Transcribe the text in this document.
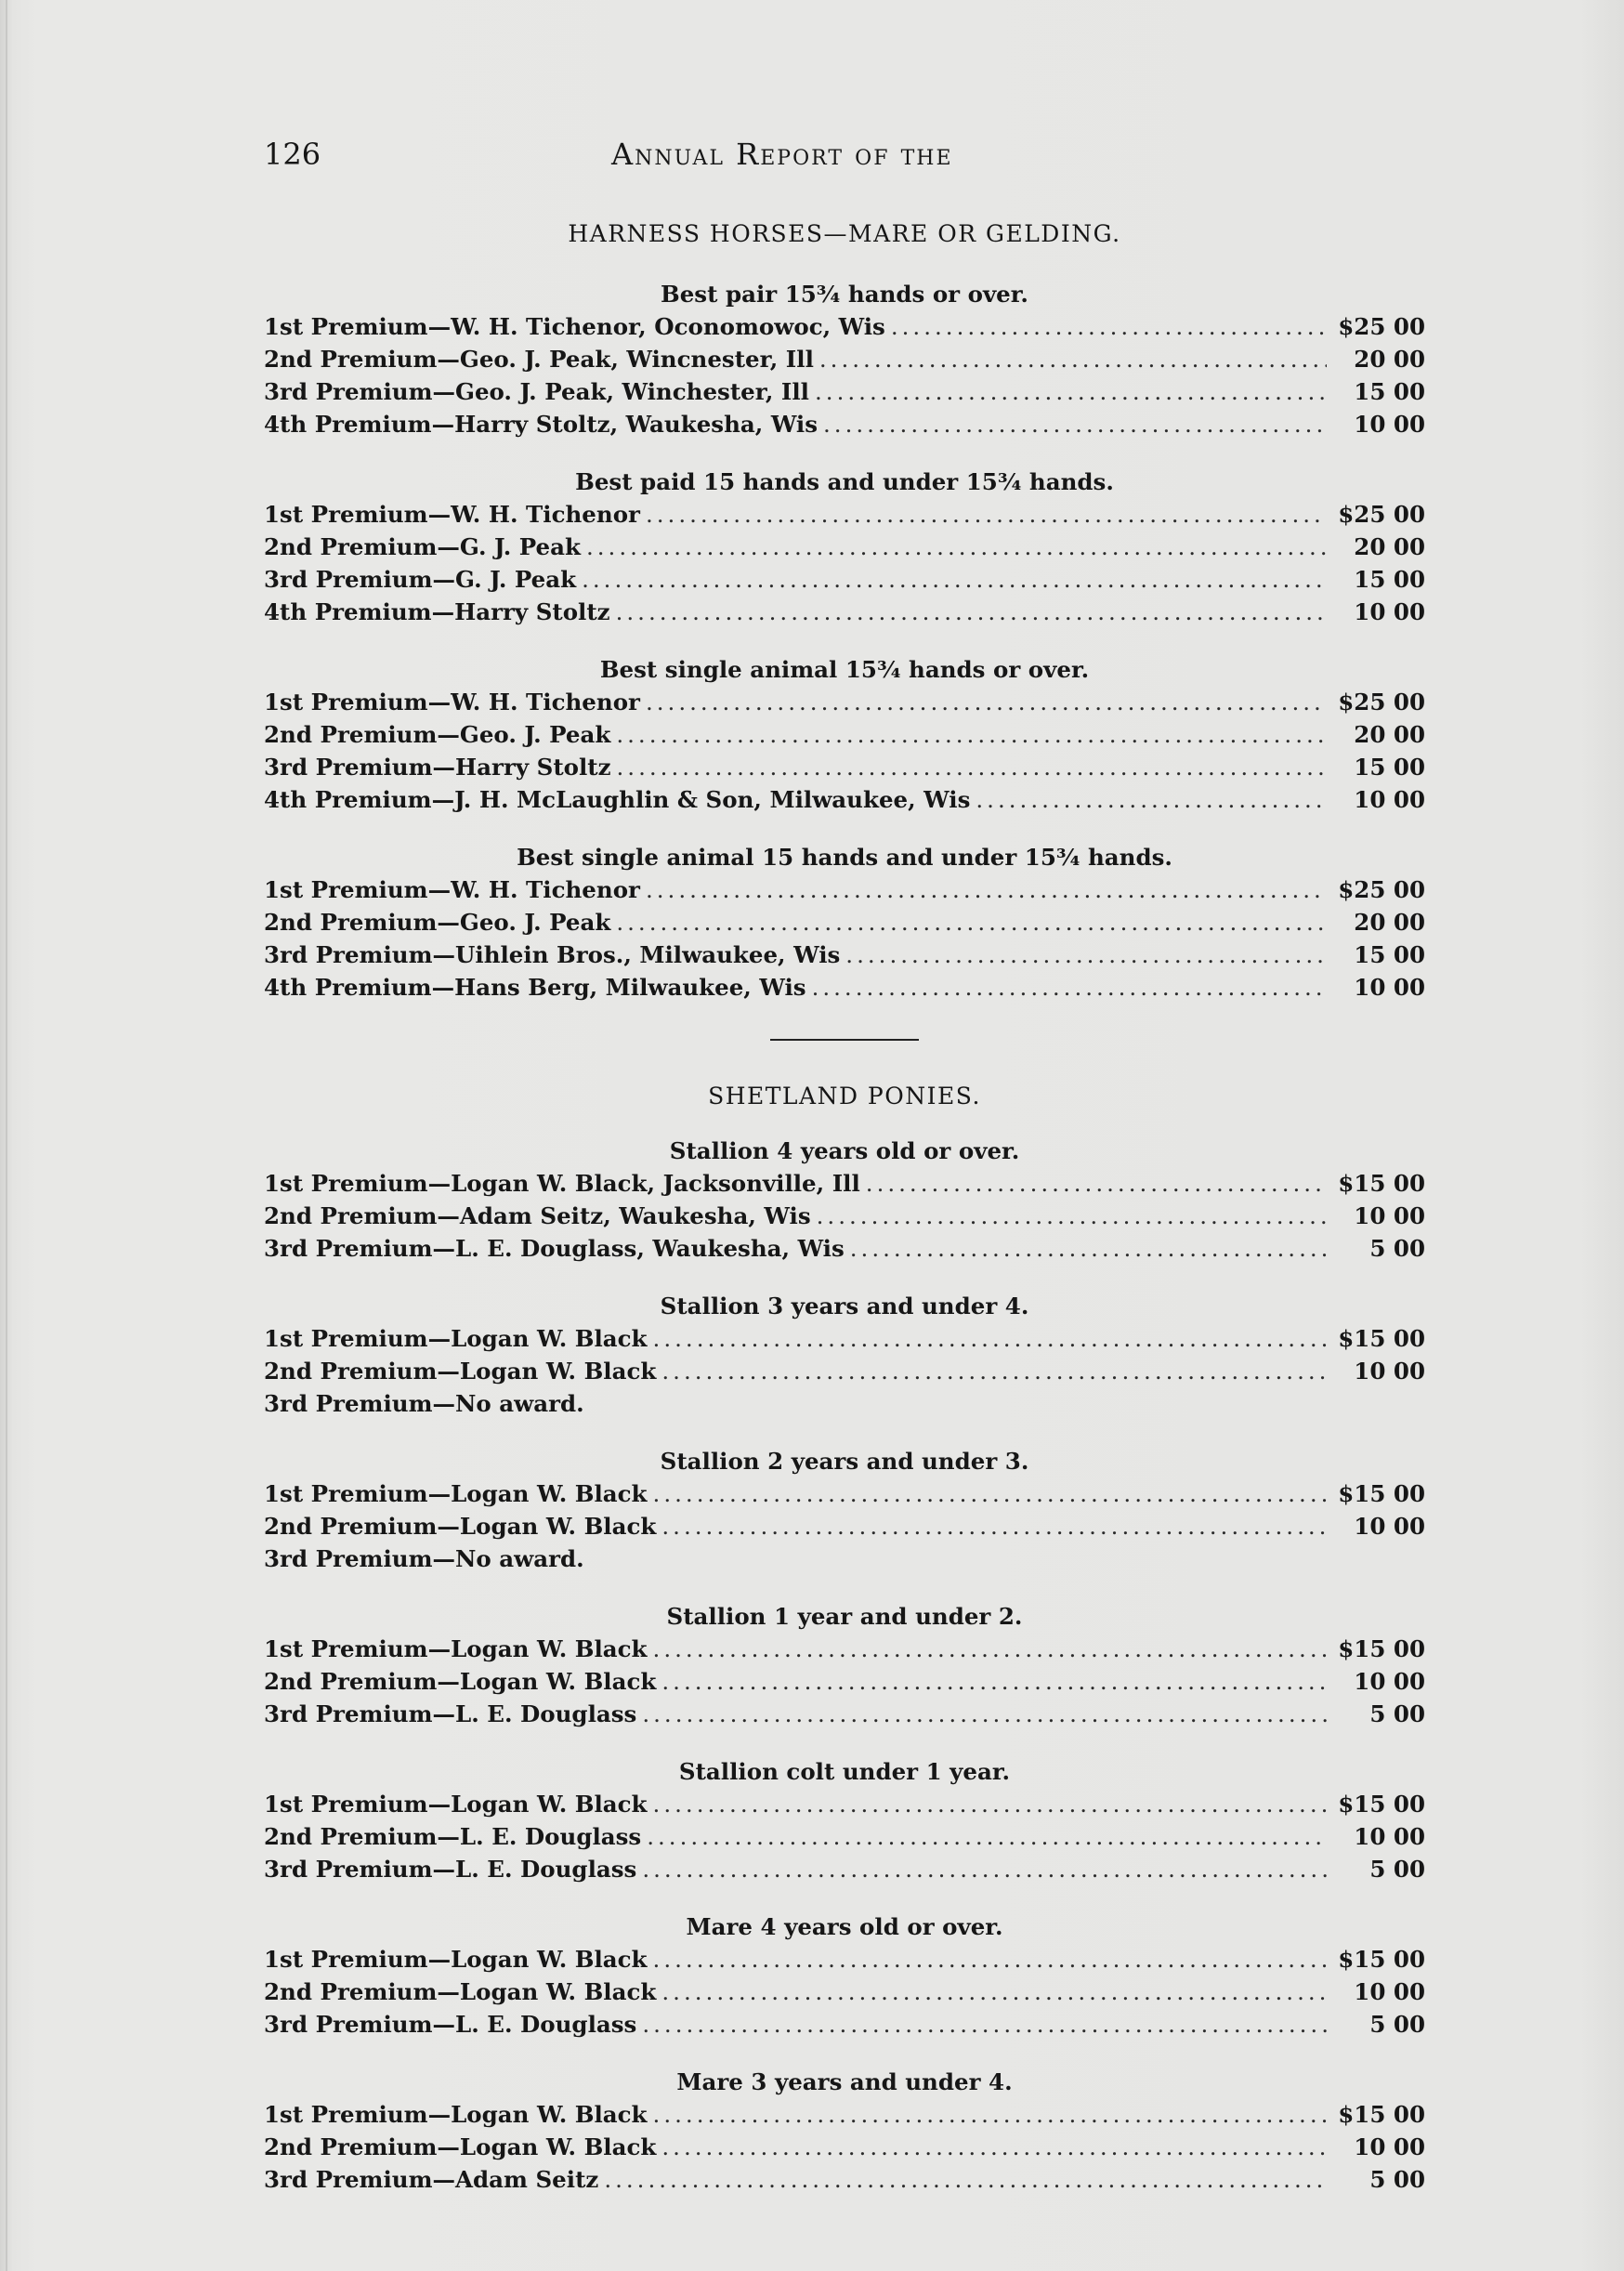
126	Annual Report of the
HARNESS HORSES—MARE OR GELDING.
Best pair 15¾ hands or over.
1st Premium — W. H. Tichenor, Oconomowoc, Wis .....	$25 00
2nd Premium — Geo. J. Peak, Wincnester, Ill .....	20 00
3rd Premium — Geo. J. Peak, Winchester, Ill .....	15 00
4th Premium — Harry Stoltz, Waukesha, Wis .....	10 00
Best paid 15 hands and under 15¾ hands.
1st Premium — W. H. Tichenor .....	$25 00
2nd Premium — G. J. Peak .....	20 00
3rd Premium — G. J. Peak .....	15 00
4th Premium — Harry Stoltz .....	10 00
Best single animal 15¾ hands or over.
1st Premium — W. H. Tichenor .....	$25 00
2nd Premium — Geo. J. Peak .....	20 00
3rd Premium — Harry Stoltz .....	15 00
4th Premium — J. H. McLaughlin & Son, Milwaukee, Wis .....	10 00
Best single animal 15 hands and under 15¾ hands.
1st Premium — W. H. Tichenor .....	$25 00
2nd Premium — Geo. J. Peak .....	20 00
3rd Premium — Uihlein Bros., Milwaukee, Wis .....	15 00
4th Premium — Hans Berg, Milwaukee, Wis .....	10 00
SHETLAND PONIES.
Stallion 4 years old or over.
1st Premium — Logan W. Black, Jacksonville, Ill .....	$15 00
2nd Premium — Adam Seitz, Waukesha, Wis .....	10 00
3rd Premium — L. E. Douglass, Waukesha, Wis .....	5 00
Stallion 3 years and under 4.
1st Premium — Logan W. Black .....	$15 00
2nd Premium — Logan W. Black .....	10 00
3rd Premium — No award.
Stallion 2 years and under 3.
1st Premium — Logan W. Black .....	$15 00
2nd Premium — Logan W. Black .....	10 00
3rd Premium — No award.
Stallion 1 year and under 2.
1st Premium — Logan W. Black .....	$15 00
2nd Premium — Logan W. Black .....	10 00
3rd Premium — L. E. Douglass .....	5 00
Stallion colt under 1 year.
1st Premium — Logan W. Black .....	$15 00
2nd Premium — L. E. Douglass .....	10 00
3rd Premium — L. E. Douglass .....	5 00
Mare 4 years old or over.
1st Premium — Logan W. Black .....	$15 00
2nd Premium — Logan W. Black .....	10 00
3rd Premium — L. E. Douglass .....	5 00
Mare 3 years and under 4.
1st Premium — Logan W. Black .....	$15 00
2nd Premium — Logan W. Black .....	10 00
3rd Premium — Adam Seitz .....	5 00
